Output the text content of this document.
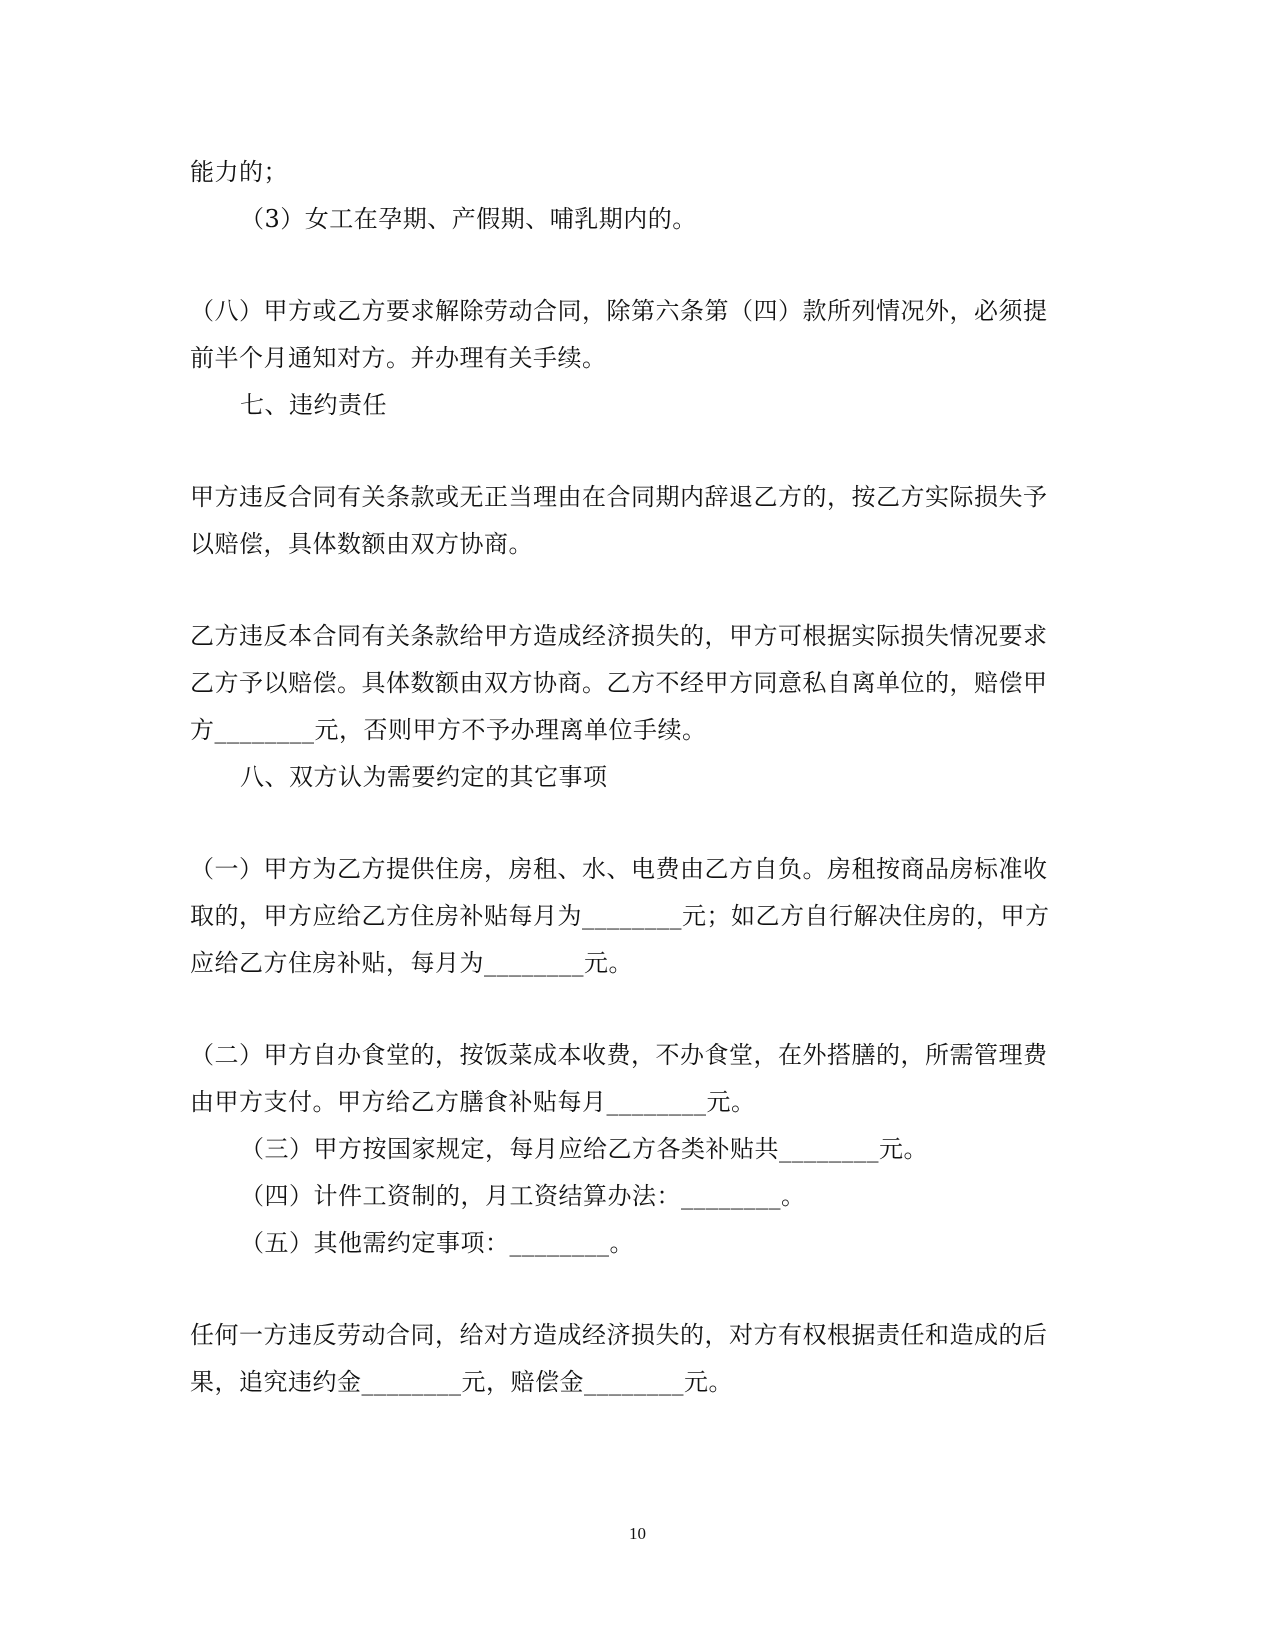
能力的；

（3）女工在孕期、产假期、哺乳期内的。

（八）甲方或乙方要求解除劳动合同，除第六条第（四）款所列情况外，必须提

前半个月通知对方。并办理有关手续。

七、违约责任

甲方违反合同有关条款或无正当理由在合同期内辞退乙方的，按乙方实际损失予

以赔偿，具体数额由双方协商。

乙方违反本合同有关条款给甲方造成经济损失的，甲方可根据实际损失情况要求

乙方予以赔偿。具体数额由双方协商。乙方不经甲方同意私自离单位的，赔偿甲

方________元，否则甲方不予办理离单位手续。

八、双方认为需要约定的其它事项

（一）甲方为乙方提供住房，房租、水、电费由乙方自负。房租按商品房标准收

取的，甲方应给乙方住房补贴每月为________元；如乙方自行解决住房的，甲方

应给乙方住房补贴，每月为________元。

（二）甲方自办食堂的，按饭菜成本收费，不办食堂，在外搭膳的，所需管理费

由甲方支付。甲方给乙方膳食补贴每月________元。

（三）甲方按国家规定，每月应给乙方各类补贴共________元。

（四）计件工资制的，月工资结算办法：________。

（五）其他需约定事项：________。

任何一方违反劳动合同，给对方造成经济损失的，对方有权根据责任和造成的后

果，追究违约金________元，赔偿金________元。

10
